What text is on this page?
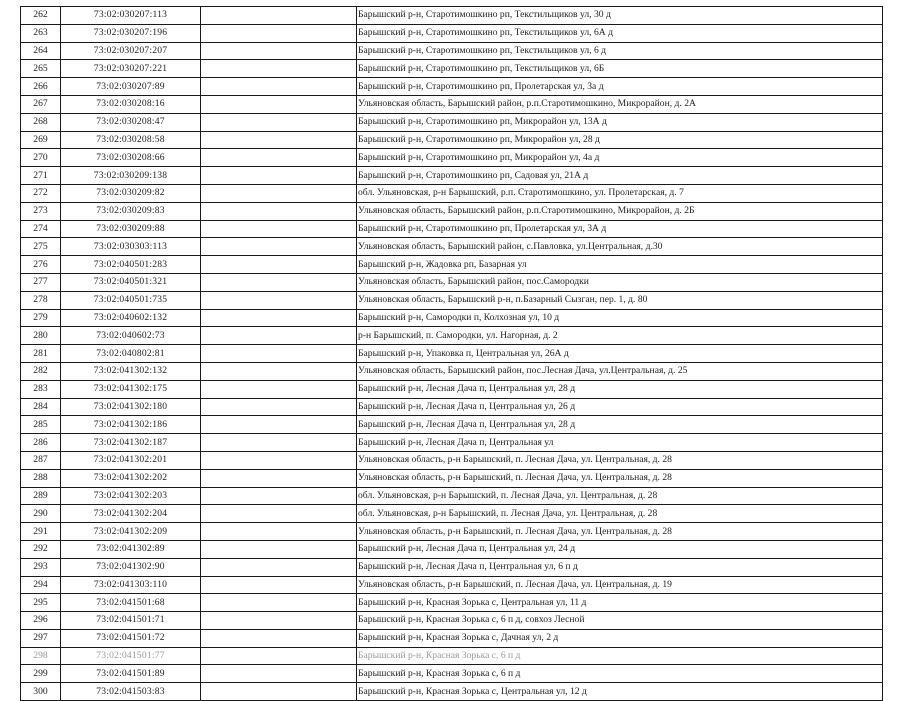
262	73:02:030207:113		Барышский р-н, Старотимошкино рп, Текстильщиков ул, 30 д
263	73:02:030207:196		Барышский р-н, Старотимошкино рп, Текстильщиков ул, 6А д
264	73:02:030207:207		Барышский р-н, Старотимошкино рп, Текстильщиков ул, 6 д
265	73:02:030207:221		Барышский р-н, Старотимошкино рп, Текстильщиков ул, 6Б
266	73:02:030207:89		Барышский р-н, Старотимошкино рп, Пролетарская ул, 3а д
267	73:02:030208:16		Ульяновская область, Барышский район, р.п.Старотимошкино, Микрорайон, д. 2А
268	73:02:030208:47		Барышский р-н, Старотимошкино рп, Микрорайон ул, 13А д
269	73:02:030208:58		Барышский р-н, Старотимошкино рп, Микрорайон ул, 28 д
270	73:02:030208:66		Барышский р-н, Старотимошкино рп, Микрорайон ул, 4а д
271	73:02:030209:138		Барышский р-н, Старотимошкино рп, Садовая ул, 21А д
272	73:02:030209:82		обл. Ульяновская, р-н Барышский, р.п. Старотимошкино, ул. Пролетарская, д. 7
273	73:02:030209:83		Ульяновская область, Барышский район, р.п.Старотимошкино, Микрорайон, д. 2Б
274	73:02:030209:88		Барышский р-н, Старотимошкино рп, Пролетарская ул, 3А д
275	73:02:030303:113		Ульяновская область, Барышский район, с.Павловка, ул.Центральная, д.30
276	73:02:040501:283		Барышский р-н, Жадовка рп, Базарная ул
277	73:02:040501:321		Ульяновская область, Барышский район, пос.Самородки
278	73:02:040501:735		Ульяновская область, Барышский р-н, п.Базарный Сызган, пер. 1, д. 80
279	73:02:040602:132		Барышский р-н, Самородки п, Колхозная ул, 10 д
280	73:02:040602:73		р-н Барышский, п. Самородки, ул. Нагорная, д. 2
281	73:02:040802:81		Барышский р-н, Упаковка п, Центральная ул, 26А д
282	73:02:041302:132		Ульяновская область, Барышский район, пос.Лесная Дача, ул.Центральная, д. 25
283	73:02:041302:175		Барышский р-н, Лесная Дача п, Центральная ул, 28 д
284	73:02:041302:180		Барышский р-н, Лесная Дача п, Центральная ул, 26 д
285	73:02:041302:186		Барышский р-н, Лесная Дача п, Центральная ул, 28 д
286	73:02:041302:187		Барышский р-н, Лесная Дача п, Центральная ул
287	73:02:041302:201		Ульяновская область, р-н Барышский, п. Лесная Дача, ул. Центральная, д. 28
288	73:02:041302:202		Ульяновская область, р-н Барышский, п. Лесная Дача, ул. Центральная, д. 28
289	73:02:041302:203		обл. Ульяновская, р-н Барышский, п. Лесная Дача, ул. Центральная, д. 28
290	73:02:041302:204		обл. Ульяновская, р-н Барышский, п. Лесная Дача, ул. Центральная, д. 28
291	73:02:041302:209		Ульяновская область, р-н Барышский, п. Лесная Дача, ул. Центральная, д. 28
292	73:02:041302:89		Барышский р-н, Лесная Дача п, Центральная ул, 24 д
293	73:02:041302:90		Барышский р-н, Лесная Дача п, Центральная ул, 6 п д
294	73:02:041303:110		Ульяновская область, р-н Барышский, п. Лесная Дача, ул. Центральная, д. 19
295	73:02:041501:68		Барышский р-н, Красная Зорька с, Центральная ул, 11 д
296	73:02:041501:71		Барышский р-н, Красная Зорька с, 6 п д, совхоз Лесной
297	73:02:041501:72		Барышский р-н, Красная Зорька с, Дачная ул, 2 д
298	73:02:041501:77		Барышский р-н, Красная Зорька с, 6 п д
299	73:02:041501:89		Барышский р-н, Красная Зорька с, 6 п д
300	73:02:041503:83		Барышский р-н, Красная Зорька с, Центральная ул, 12 д
